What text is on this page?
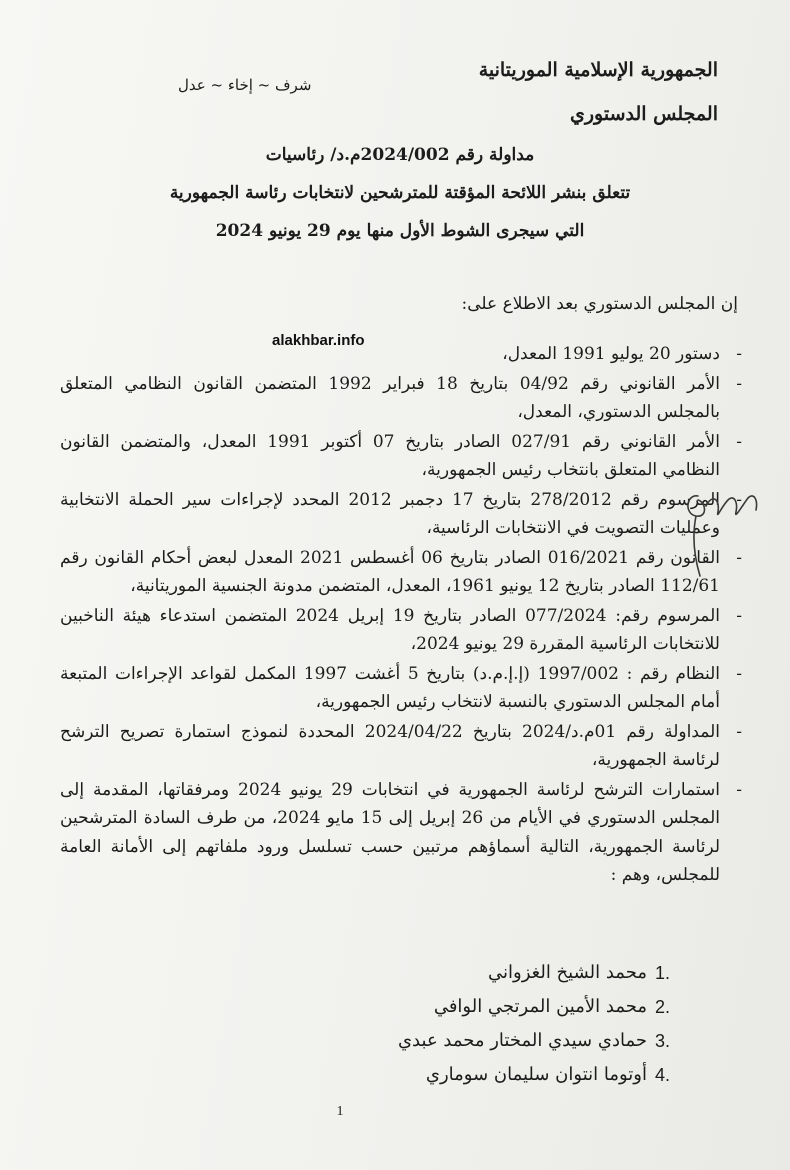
الجمهورية الإسلامية الموريتانية
المجلس الدستوري
شرف ~ إخاء ~ عدل
مداولة رقم 2024/002م.د/ رئاسيات
تتعلق بنشر اللائحة المؤقتة للمترشحين لانتخابات رئاسة الجمهورية
التي سيجرى الشوط الأول منها يوم 29 يونيو 2024
إن المجلس الدستوري بعد الاطلاع على:
alakhbar.info
-
دستور 20 يوليو 1991 المعدل،
-
الأمر القانوني رقم 04/92 بتاريخ 18 فبراير 1992 المتضمن القانون النظامي المتعلق بالمجلس الدستوري، المعدل،
-
الأمر القانوني رقم 027/91 الصادر بتاريخ 07 أكتوبر 1991 المعدل، والمتضمن القانون النظامي المتعلق بانتخاب رئيس الجمهورية،
-
المرسوم رقم 278/2012 بتاريخ 17 دجمبر 2012 المحدد لإجراءات سير الحملة الانتخابية وعمليات التصويت في الانتخابات الرئاسية،
-
القانون رقم 016/2021 الصادر بتاريخ 06 أغسطس 2021 المعدل لبعض أحكام القانون رقم 112/61 الصادر بتاريخ 12 يونيو 1961، المعدل، المتضمن مدونة الجنسية الموريتانية،
-
المرسوم رقم: 077/2024 الصادر بتاريخ 19 إبريل 2024 المتضمن استدعاء هيئة الناخبين للانتخابات الرئاسية المقررة 29 يونيو 2024،
-
النظام رقم : 1997/002 (إ.إ.م.د) بتاريخ 5 أغشت 1997 المكمل لقواعد الإجراءات المتبعة أمام المجلس الدستوري بالنسبة لانتخاب رئيس الجمهورية،
-
المداولة رقم 01م.د/2024 بتاريخ 2024/04/22 المحددة لنموذج استمارة تصريح الترشح لرئاسة الجمهورية،
-
استمارات الترشح لرئاسة الجمهورية في انتخابات 29 يونيو 2024 ومرفقاتها، المقدمة إلى المجلس الدستوري في الأيام من 26 إبريل إلى 15 مايو 2024، من طرف السادة المترشحين لرئاسة الجمهورية، التالية أسماؤهم مرتبين حسب تسلسل ورود ملفاتهم إلى الأمانة العامة للمجلس، وهم :
1.
محمد الشيخ الغزواني
2.
محمد الأمين المرتجي الوافي
3.
حمادي سيدي المختار محمد عبدي
4.
أوتوما انتوان سليمان سوماري
1
